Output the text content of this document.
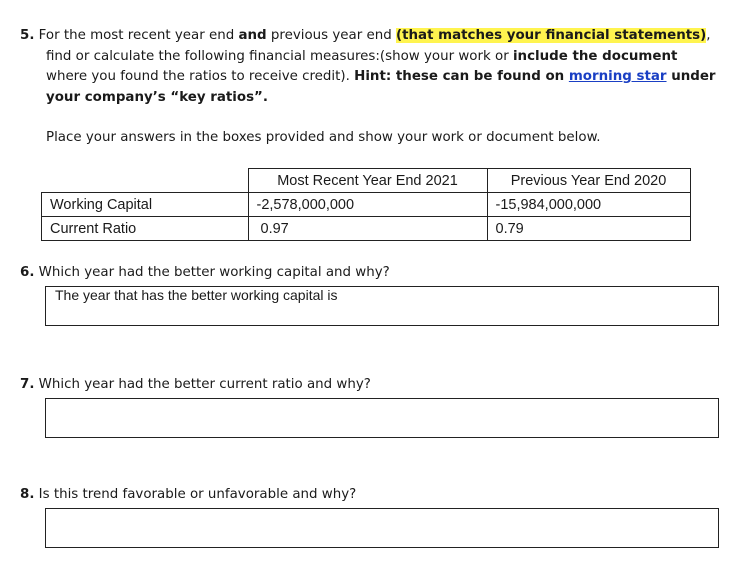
5. For the most recent year end and previous year end (that matches your financial statements),
find or calculate the following financial measures:(show your work or include the document
where you found the ratios to receive credit). Hint: these can be found on morning star under
your company’s “key ratios”.
Place your answers in the boxes provided and show your work or document below.
	Most Recent Year End 2021	Previous Year End 2020
Working Capital	-2,578,000,000	-15,984,000,000
Current Ratio	0.97	0.79
6. Which year had the better working capital and why?
The year that has the better working capital is
7. Which year had the better current ratio and why?
8. Is this trend favorable or unfavorable and why?
